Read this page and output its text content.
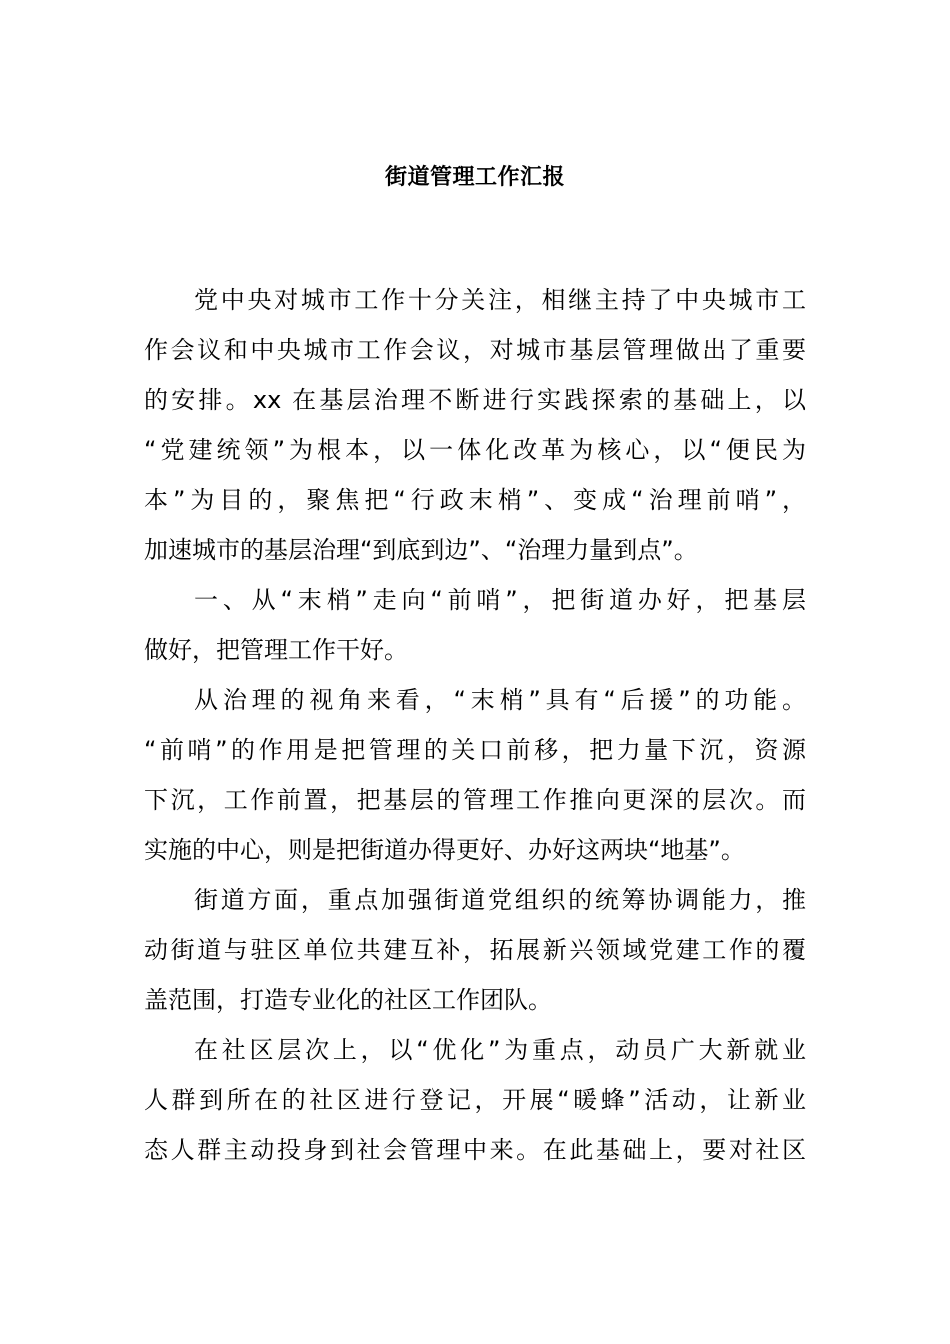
街道管理工作汇报
党中央对城市工作十分关注，相继主持了中央城市工
作会议和中央城市工作会议，对城市基层管理做出了重要
的安排。xx 在基层治理不断进行实践探索的基础上，以
“党建统领”为根本，以一体化改革为核心，以“便民为
本”为目的，聚焦把“行政末梢”、变成“治理前哨”，
加速城市的基层治理“到底到边”、“治理力量到点”。
一、从“末梢”走向“前哨”，把街道办好，把基层
做好，把管理工作干好。
从治理的视角来看，“末梢”具有“后援”的功能。
“前哨”的作用是把管理的关口前移，把力量下沉，资源
下沉，工作前置，把基层的管理工作推向更深的层次。而
实施的中心，则是把街道办得更好、办好这两块“地基”。
街道方面，重点加强街道党组织的统筹协调能力，推
动街道与驻区单位共建互补，拓展新兴领域党建工作的覆
盖范围，打造专业化的社区工作团队。
在社区层次上，以“优化”为重点，动员广大新就业
人群到所在的社区进行登记，开展“暖蜂”活动，让新业
态人群主动投身到社会管理中来。在此基础上，要对社区
